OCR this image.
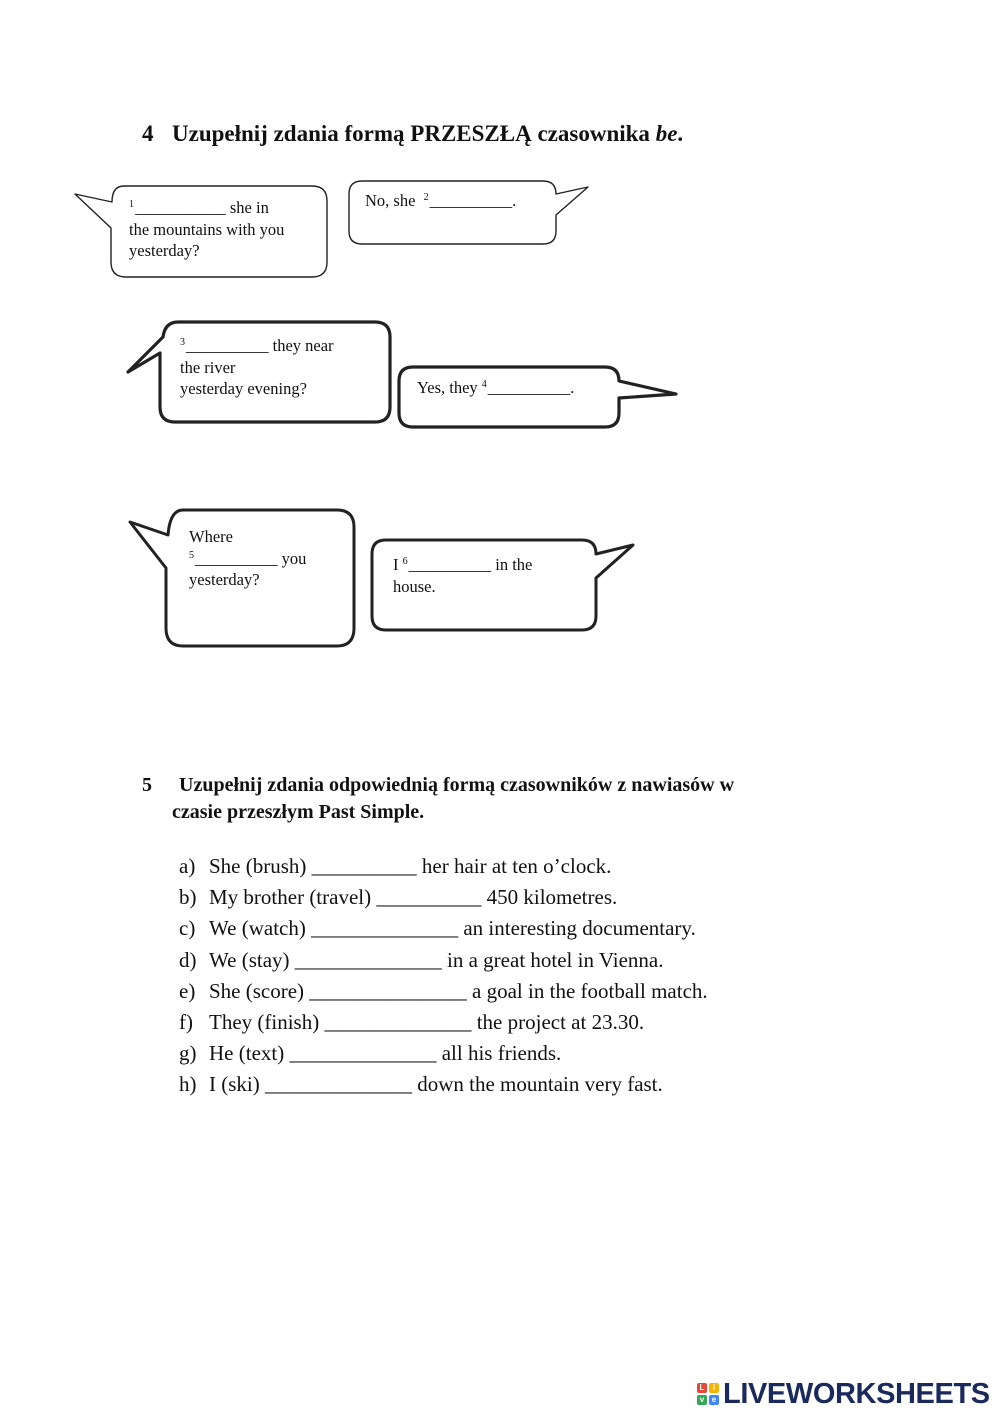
4 Uzupełnij zdania formą PRZESZŁĄ czasownika be.
$^1$___________ she in
the mountains with you
yesterday?
No, she $^2$__________.
$^3$__________ they near
the river
yesterday evening?	Yes, they $^4$__________.
Where
$^5$__________ you
yesterday?
I $^6$__________ in the
house.
5 Uzupełnij zdania odpowiednią formą czasowników z nawiasów w
czasie przeszłym Past Simple.
a) She (brush) __________ her hair at ten o’clock.
b) My brother (travel) __________ 450 kilometres.
c) We (watch) ______________ an interesting documentary.
d) We (stay) ______________ in a great hotel in Vienna.
e) She (score) _______________ a goal in the football match.
f) They (finish) ______________ the project at 23.30.
g) He (text) ______________ all his friends.
h) I (ski) ______________ down the mountain very fast.
L	i
v e LIVEWORKSHEETS
